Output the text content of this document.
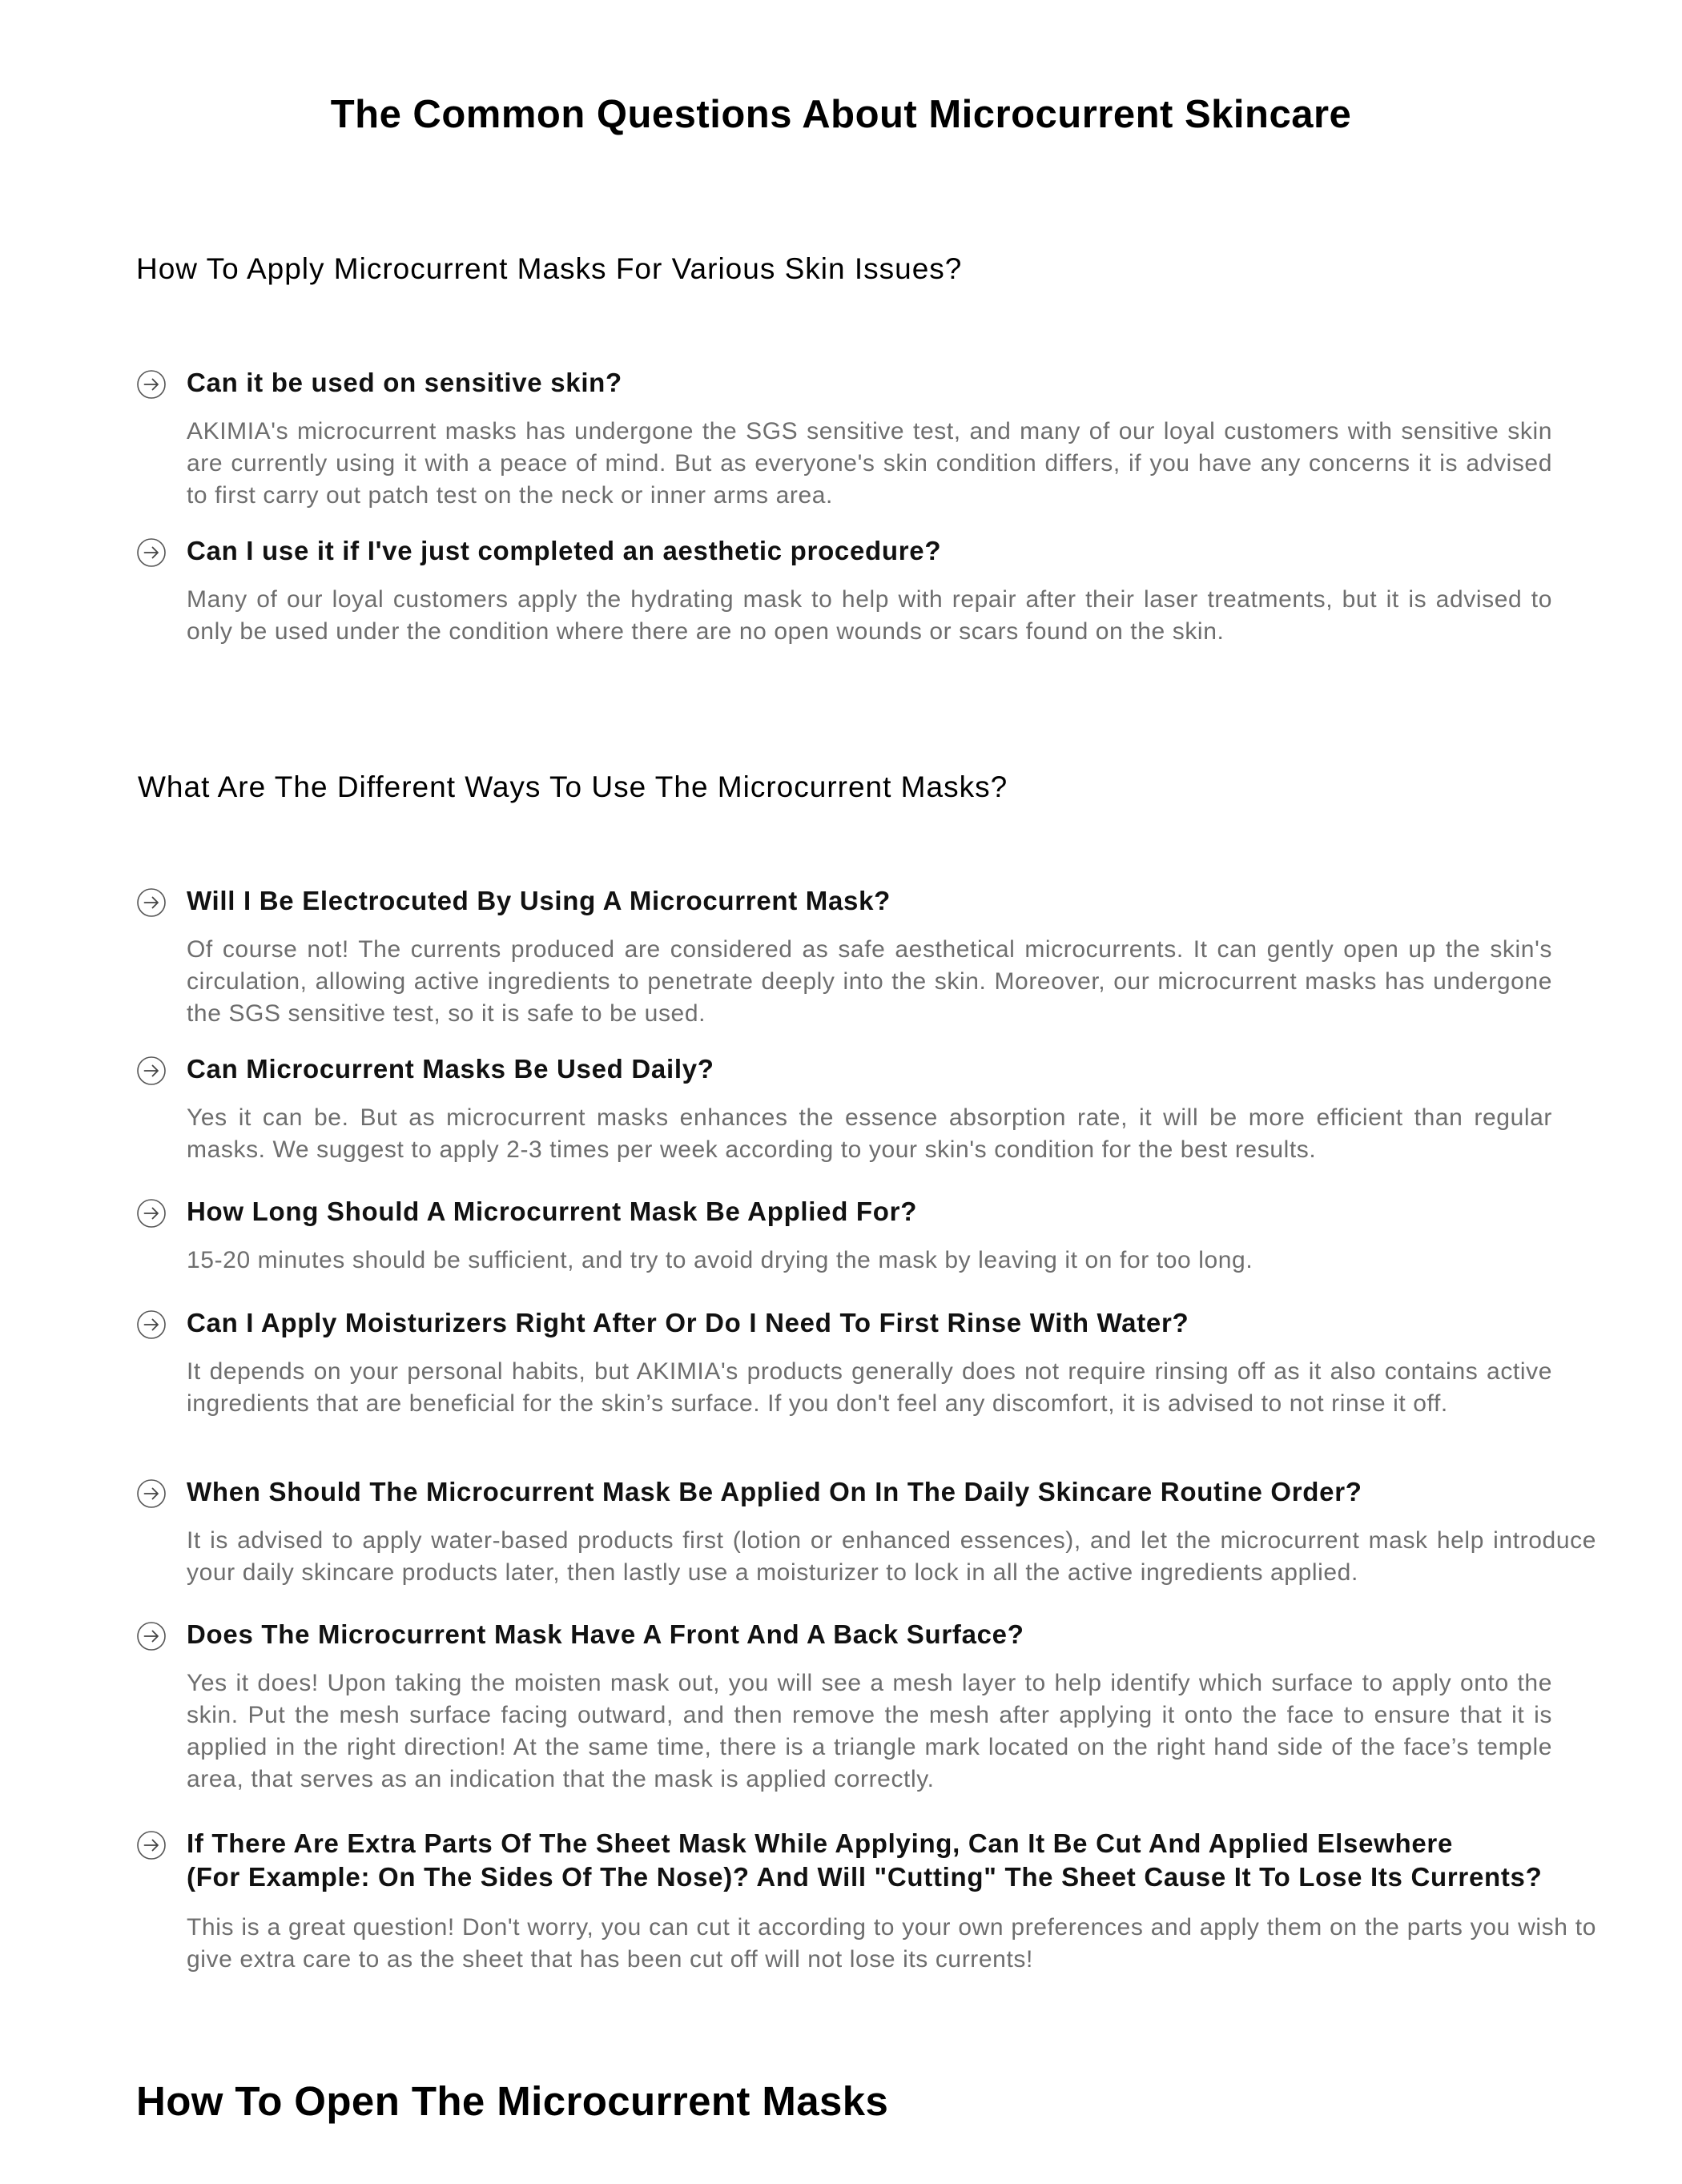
The Common Questions About Microcurrent Skincare
How To Apply Microcurrent Masks For Various Skin Issues?
Can it be used on sensitive skin?

AKIMIA's microcurrent masks has undergone the SGS sensitive test, and many of our loyal customers with sensitive skin are currently using it with a peace of mind. But as everyone's skin condition differs, if you have any concerns it is advised to first carry out patch test on the neck or inner arms area.

Can I use it if I've just completed an aesthetic procedure?

Many of our loyal customers apply the hydrating mask to help with repair after their laser treatments, but it is advised to only be used under the condition where there are no open wounds or scars found on the skin.

What Are The Different Ways To Use The Microcurrent Masks?
Will I Be Electrocuted By Using A Microcurrent Mask?

Of course not! The currents produced are considered as safe aesthetical microcurrents. It can gently open up the skin's circulation, allowing active ingredients to penetrate deeply into the skin. Moreover, our microcurrent masks has undergone the SGS sensitive test, so it is safe to be used.

Can Microcurrent Masks Be Used Daily?

Yes it can be. But as microcurrent masks enhances the essence absorption rate, it will be more efficient than regular masks. We suggest to apply 2-3 times per week according to your skin's condition for the best results.

How Long Should A Microcurrent Mask Be Applied For?

15-20 minutes should be sufficient, and try to avoid drying the mask by leaving it on for too long.

Can I Apply Moisturizers Right After Or Do I Need To First Rinse With Water?

It depends on your personal habits, but AKIMIA's products generally does not require rinsing off as it also contains active ingredients that are beneficial for the skin’s surface. If you don't feel any discomfort, it is advised to not rinse it off.

When Should The Microcurrent Mask Be Applied On In The Daily Skincare Routine Order?

It is advised to apply water-based products first (lotion or enhanced essences), and let the microcurrent mask help introduce your daily skincare products later, then lastly use a moisturizer to lock in all the active ingredients applied.

Does The Microcurrent Mask Have A Front And A Back Surface?

Yes it does! Upon taking the moisten mask out, you will see a mesh layer to help identify which surface to apply onto the skin. Put the mesh surface facing outward, and then remove the mesh after applying it onto the face to ensure that it is applied in the right direction! At the same time, there is a triangle mark located on the right hand side of the face’s temple area, that serves as an indication that the mask is applied correctly.

If There Are Extra Parts Of The Sheet Mask While Applying, Can It Be Cut And Applied Elsewhere
(For Example: On The Sides Of The Nose)? And Will "Cutting" The Sheet Cause It To Lose Its Currents?

This is a great question! Don't worry, you can cut it according to your own preferences and apply them on the parts you wish to give extra care to as the sheet that has been cut off will not lose its currents!

How To Open The Microcurrent Masks
